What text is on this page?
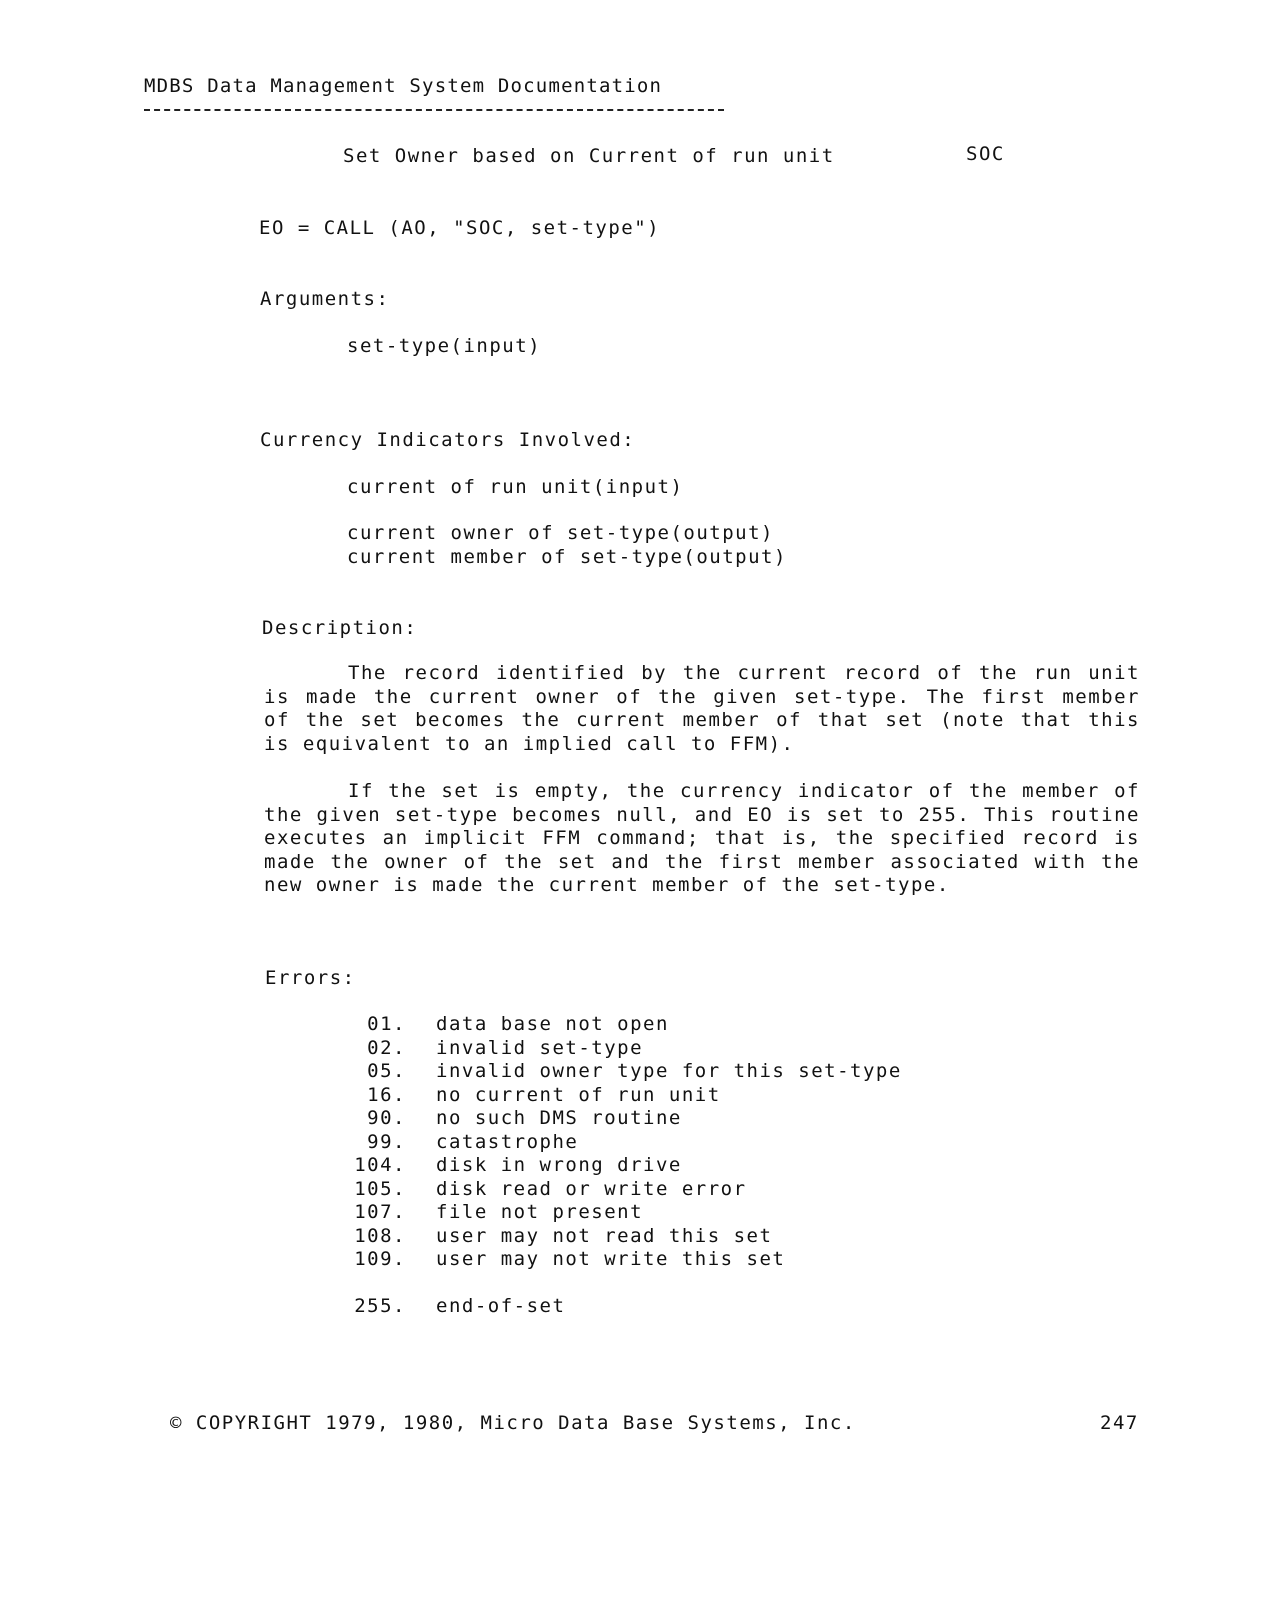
MDBS Data Management System Documentation
Set Owner based on Current of run unit	SOC
EO = CALL (AO, "SOC, set-type")
Arguments:
set-type(input)
Currency Indicators Involved:
current of run unit(input)
current owner of set-type(output)
current member of set-type(output)
Description:
The record identified by the current record of the run unit is made the current owner of the given set-type. The first member of the set becomes the current member of that set (note that this is equivalent to an implied call to FFM).
If the set is empty, the currency indicator of the member of the given set-type becomes null, and EO is set to 255. This routine executes an implicit FFM command; that is, the specified record is made the owner of the set and the first member associated with the new owner is made the current member of the set-type.
Errors:
01.	data base not open
02.	invalid set-type
05.	invalid owner type for this set-type
16.	no current of run unit
90.	no such DMS routine
99.	catastrophe
104.	disk in wrong drive
105.	disk read or write error
107.	file not present
108.	user may not read this set
109.	user may not write this set

255.	end-of-set
© COPYRIGHT 1979, 1980, Micro Data Base Systems, Inc.	247
